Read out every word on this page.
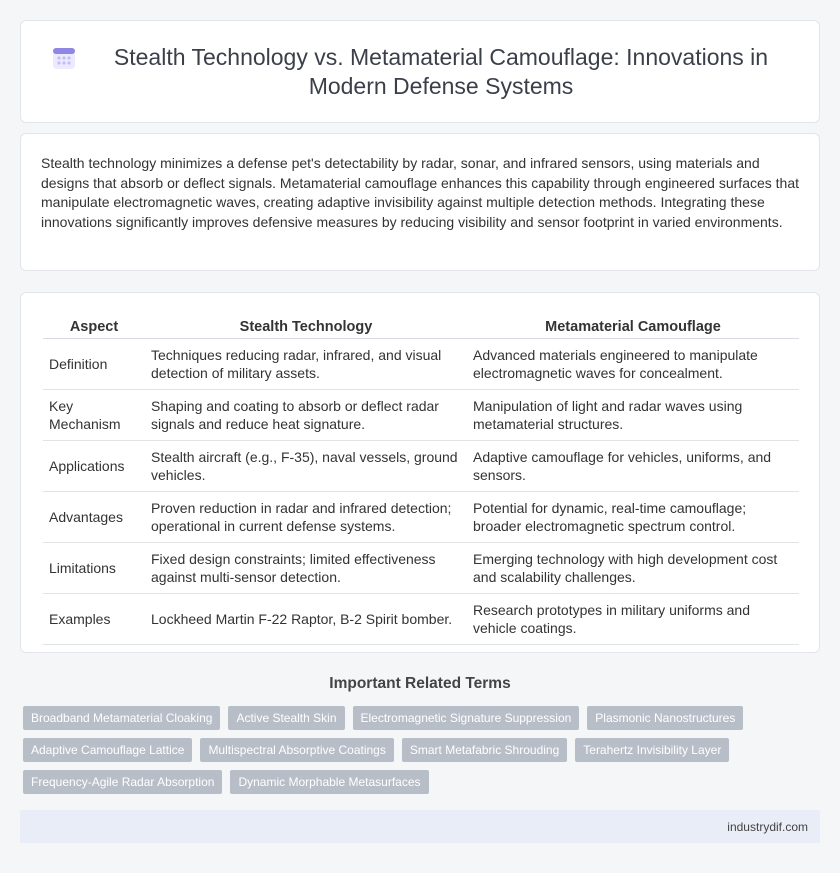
Stealth Technology vs. Metamaterial Camouflage: Innovations in Modern Defense Systems

Stealth technology minimizes a defense pet's detectability by radar, sonar, and infrared sensors, using materials and designs that absorb or deflect signals. Metamaterial camouflage enhances this capability through engineered surfaces that manipulate electromagnetic waves, creating adaptive invisibility against multiple detection methods. Integrating these innovations significantly improves defensive measures by reducing visibility and sensor footprint in varied environments.

Aspect	Stealth Technology	Metamaterial Camouflage
Definition	Techniques reducing radar, infrared, and visual detection of military assets.	Advanced materials engineered to manipulate electromagnetic waves for concealment.
Key Mechanism	Shaping and coating to absorb or deflect radar signals and reduce heat signature.	Manipulation of light and radar waves using metamaterial structures.
Applications	Stealth aircraft (e.g., F-35), naval vessels, ground vehicles.	Adaptive camouflage for vehicles, uniforms, and sensors.
Advantages	Proven reduction in radar and infrared detection; operational in current defense systems.	Potential for dynamic, real-time camouflage; broader electromagnetic spectrum control.
Limitations	Fixed design constraints; limited effectiveness against multi-sensor detection.	Emerging technology with high development cost and scalability challenges.
Examples	Lockheed Martin F-22 Raptor, B-2 Spirit bomber.	Research prototypes in military uniforms and vehicle coatings.
Important Related Terms
Broadband Metamaterial Cloaking	Active Stealth Skin	Electromagnetic Signature Suppression	Plasmonic Nanostructures
Adaptive Camouflage Lattice	Multispectral Absorptive Coatings	Smart Metafabric Shrouding	Terahertz Invisibility Layer
Frequency-Agile Radar Absorption	Dynamic Morphable Metasurfaces
industrydif.com
